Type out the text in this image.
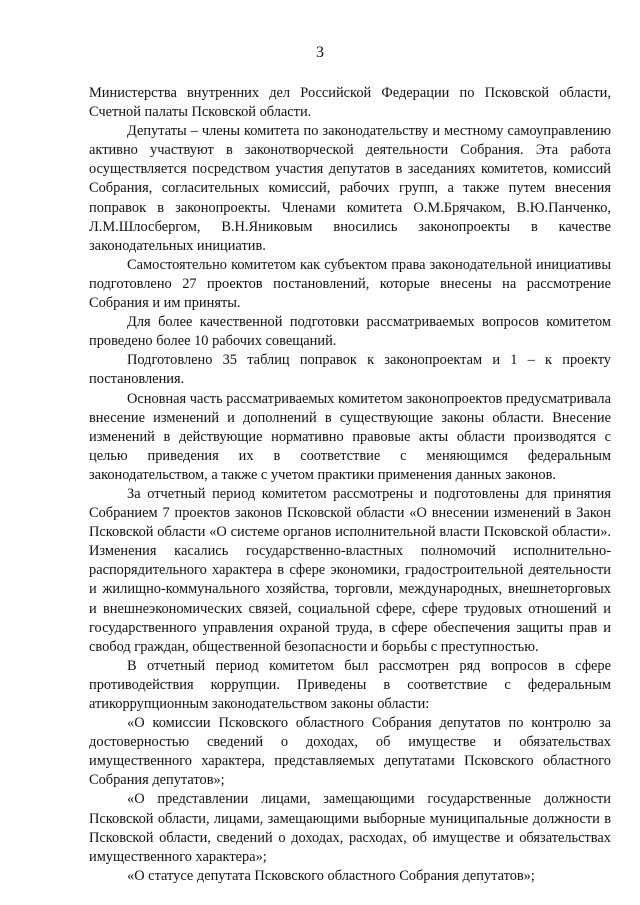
3

Министерства внутренних дел Российской Федерации по Псковской области, Счетной палаты Псковской области.

Депутаты – члены комитета по законодательству и местному самоуправлению активно участвуют в законотворческой деятельности Собрания. Эта работа осуществляется посредством участия депутатов в заседаниях комитетов, комиссий Собрания, согласительных комиссий, рабочих групп, а также путем внесения поправок в законопроекты. Членами комитета О.М.Брячаком, В.Ю.Панченко, Л.М.Шлосбергом, В.Н.Яниковым вносились законопроекты в качестве законодательных инициатив.

Самостоятельно комитетом как субъектом права законодательной инициативы подготовлено 27 проектов постановлений, которые внесены на рассмотрение Собрания и им приняты.

Для более качественной подготовки рассматриваемых вопросов комитетом проведено более 10 рабочих совещаний.

Подготовлено 35 таблиц поправок к законопроектам и 1 – к проекту постановления.

Основная часть рассматриваемых комитетом законопроектов предусматривала внесение изменений и дополнений в существующие законы области. Внесение изменений в действующие нормативно правовые акты области производятся с целью приведения их в соответствие с меняющимся федеральным законодательством, а также с учетом практики применения данных законов.

За отчетный период комитетом рассмотрены и подготовлены для принятия Собранием 7 проектов законов Псковской области «О внесении изменений в Закон Псковской области «О системе органов исполнительной власти Псковской области». Изменения касались государственно-властных полномочий исполнительно-распорядительного характера в сфере экономики, градостроительной деятельности и жилищно-коммунального хозяйства, торговли, международных, внешнеторговых и внешнеэкономических связей, социальной сфере, сфере трудовых отношений и государственного управления охраной труда, в сфере обеспечения защиты прав и свобод граждан, общественной безопасности и борьбы с преступностью.

В отчетный период комитетом был рассмотрен ряд вопросов в сфере противодействия коррупции. Приведены в соответствие с федеральным атикоррупционным законодательством законы области:

«О комиссии Псковского областного Собрания депутатов по контролю за достоверностью сведений о доходах, об имуществе и обязательствах имущественного характера, представляемых депутатами Псковского областного Собрания депутатов»;

«О представлении лицами, замещающими государственные должности Псковской области, лицами, замещающими выборные муниципальные должности в Псковской области, сведений о доходах, расходах, об имуществе и обязательствах имущественного характера»;

«О статусе депутата Псковского областного Собрания депутатов»;
